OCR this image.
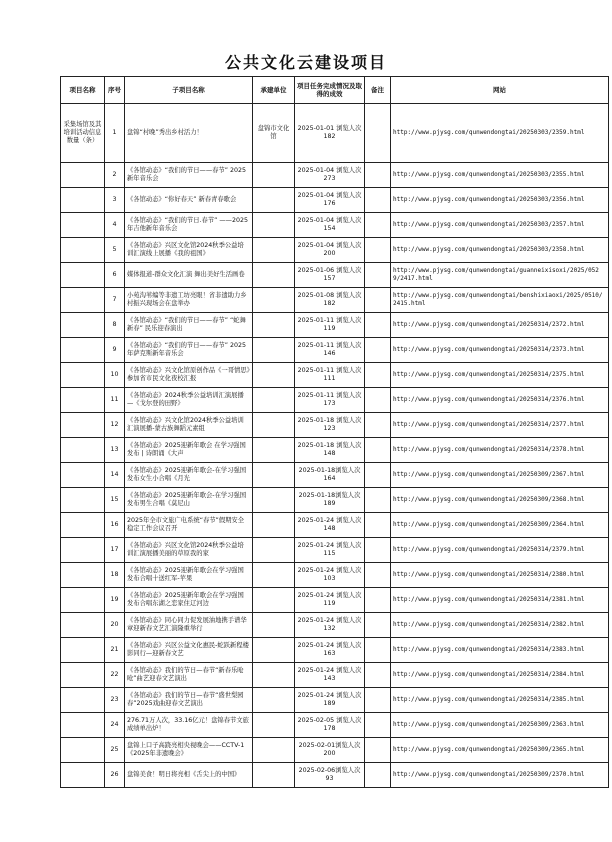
公共文化云建设项目
项目名称	序号	子项目名称	承建单位	项目任务完成情况及取得的成效	备注	网站
采集场馆及其培训活动信息数量（条）	1	盘锦“村晚”秀出乡村活力！	盘锦市文化馆	2025-01-01 浏览人次182		http://www.pjysg.com/qunwendongtai/20250303/2359.html
	2	《各馆动态》“我们的节日——春节” 2025新年音乐会		2025-01-04 浏览人次273		http://www.pjysg.com/qunwendongtai/20250303/2355.html
	3	《各馆动态》“你好春天” 新春青春歌会		2025-01-04 浏览人次176		http://www.pjysg.com/qunwendongtai/20250303/2356.html
	4	《各馆动态》“我们的节日.春节” ——2025年吉他新年音乐会		2025-01-04 浏览人次154		http://www.pjysg.com/qunwendongtai/20250303/2357.html
	5	《各馆动态》兴区文化馆2024秋季公益培训汇演线上展播《我的祖国》		2025-01-04 浏览人次200		http://www.pjysg.com/qunwendongtai/20250303/2358.html
	6	媒体报道-群众文化汇演 舞出美好生活画卷		2025-01-06 浏览人次157		http://www.pjysg.com/qunwendongtai/guanneixisoxi/2025/0529/2417.html
	7	小苑沟苇编等非遗工坊亮眼！省非遗助力乡村振兴现场会在盘举办		2025-01-08 浏览人次182		http://www.pjysg.com/qunwendongtai/benshixiaoxi/2025/0510/2415.html
	8	《各馆动态》“我们的节日——春节” “蛇舞新春” 民乐迎春演出		2025-01-11 浏览人次119		http://www.pjysg.com/qunwendongtai/20250314/2372.html
	9	《各馆动态》“我们的节日——春节” 2025年萨克斯新年音乐会		2025-01-11 浏览人次146		http://www.pjysg.com/qunwendongtai/20250314/2373.html
	10	《各馆动态》兴文化馆原创作品《一哥情思》参加省市民文化夜校汇报		2025-01-11 浏览人次111		http://www.pjysg.com/qunwendongtai/20250314/2375.html
	11	《各馆动态》2024秋季公益培训汇演展播 —《戈尔登的田野》		2025-01-11 浏览人次173		http://www.pjysg.com/qunwendongtai/20250314/2376.html
	12	《各馆动态》兴文化馆2024秋季公益培训汇演展播-蒙古族舞蹈元素组		2025-01-18 浏览人次123		http://www.pjysg.com/qunwendongtai/20250314/2377.html
	13	《各馆动态》2025迎新年歌会 在学习强国发布 | 诗朗诵《大声		2025-01-18 浏览人次148		http://www.pjysg.com/qunwendongtai/20250314/2378.html
	14	《各馆动态》2025迎新年歌会-在学习强国发布女生小合唱《月光		2025-01-18浏览人次164		http://www.pjysg.com/qunwendongtai/20250309/2367.html
	15	《各馆动态》2025迎新年歌会-在学习强国发布男生合唱《莫尼山		2025-01-18浏览人次189		http://www.pjysg.com/qunwendongtai/20250309/2368.html
	16	2025年全市文旅广电系统“春节”假期安全稳定工作会议召开		2025-01-24 浏览人次148		http://www.pjysg.com/qunwendongtai/20250309/2364.html
	17	《各馆动态》兴区文化馆2024秋季公益培训汇演展播美丽的草原我的家		2025-01-24 浏览人次115		http://www.pjysg.com/qunwendongtai/20250314/2379.html
	18	《各馆动态》2025迎新年歌会在学习强国发布合唱十送红军-苹果		2025-01-24 浏览人次103		http://www.pjysg.com/qunwendongtai/20250314/2380.html
	19	《各馆动态》2025迎新年歌会在学习强国发布合唱东湖之恋家住辽河边		2025-01-24 浏览人次119		http://www.pjysg.com/qunwendongtai/20250314/2381.html
	20	《各馆动态》同心同力促发展油地携手谱华章迎新春文艺汇演隆重举行		2025-01-24 浏览人次132		http://www.pjysg.com/qunwendongtai/20250314/2382.html
	21	《各馆动态》兴区公益文化惠民-蛇跃新程楼影同行—迎新春文艺		2025-01-24 浏览人次163		http://www.pjysg.com/qunwendongtai/20250314/2383.html
	22	《各馆动态》我们的节日—春节“新春乐呛呛”曲艺迎春文艺演出		2025-01-24 浏览人次143		http://www.pjysg.com/qunwendongtai/20250314/2384.html
	23	《各馆动态》我们的节日—春节“盛世梨园春”2025戏曲迎春文艺演出		2025-01-24 浏览人次189		http://www.pjysg.com/qunwendongtai/20250314/2385.html
	24	276.71万人次，33.16亿元！盘锦春节文旅成绩单出炉！		2025-02-05 浏览人次178		http://www.pjysg.com/qunwendongtai/20250309/2363.html
	25	盘锦上口子高跷亮相央视晚会——CCTV-1《2025年非遗晚会》		2025-02-01浏览人次200		http://www.pjysg.com/qunwendongtai/20250309/2365.html
	26	盘锦美食！明日将亮相《舌尖上的中国》		2025-02-06浏览人次93		http://www.pjysg.com/qunwendongtai/20250309/2370.html
